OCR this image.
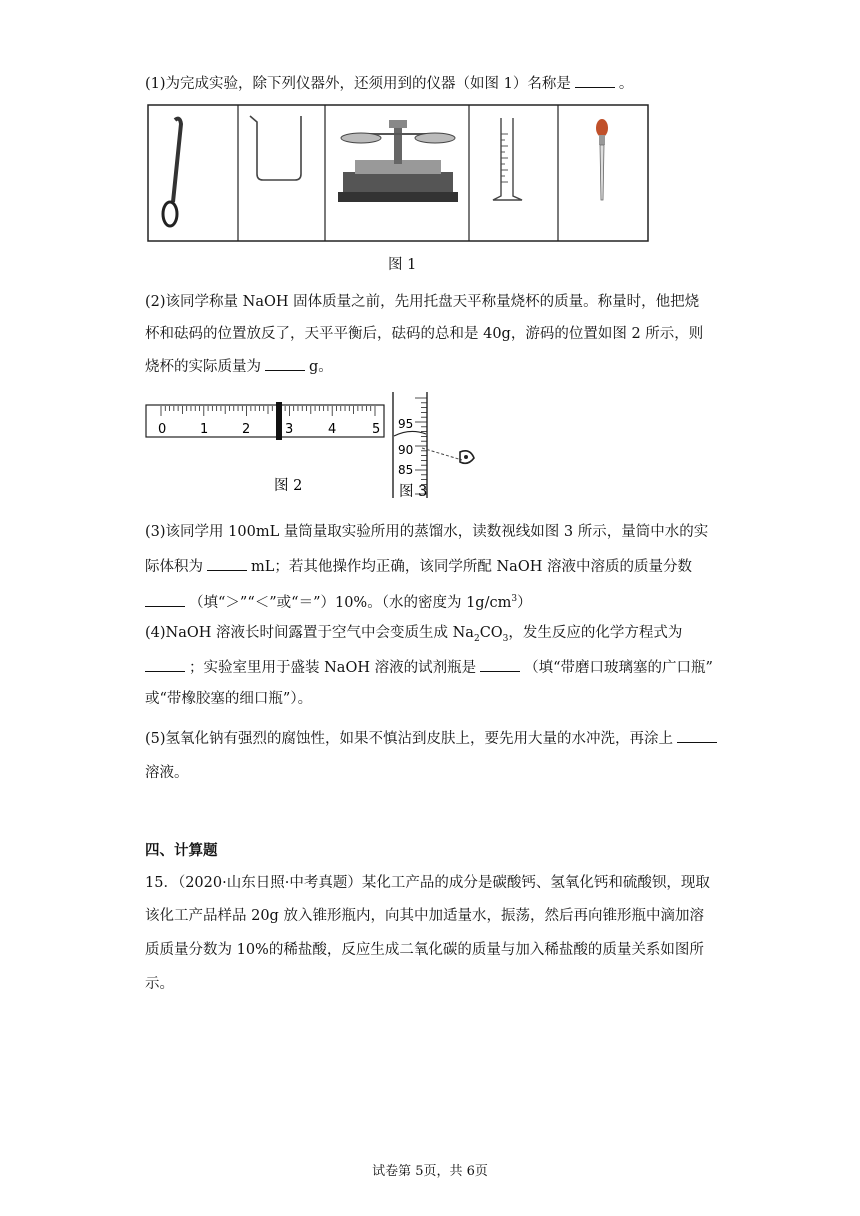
(1)为完成实验，除下列仪器外，还须用到的仪器（如图 1）名称是	。
图 1
(2)该同学称量 NaOH 固体质量之前，先用托盘天平称量烧杯的质量。称量时，他把烧
杯和砝码的位置放反了，天平平衡后，砝码的总和是 40g，游码的位置如图 2 所示，则
烧杯的实际质量为	g。
0	1	2	3	4	5
图 2
95
90
85
图 3
(3)该同学用 100mL 量筒量取实验所用的蒸馏水，读数视线如图 3 所示，量筒中水的实
际体积为	mL；若其他操作均正确，该同学所配 NaOH 溶液中溶质的质量分数
（填“＞”“＜”或“＝”）10%。（水的密度为 $1g/cm^3$）
(4)NaOH 溶液长时间露置于空气中会变质生成 $Na_2CO_3$，发生反应的化学方程式为
；实验室里用于盛装 NaOH 溶液的试剂瓶是	（填“带磨口玻璃塞的广口瓶”
或“带橡胶塞的细口瓶”）。
(5)氢氧化钠有强烈的腐蚀性，如果不慎沾到皮肤上，要先用大量的水冲洗，再涂上
溶液。
四、计算题
15．（2020·山东日照·中考真题）某化工产品的成分是碳酸钙、氢氧化钙和硫酸钡，现取
该化工产品样品 20g 放入锥形瓶内，向其中加适量水，振荡，然后再向锥形瓶中滴加溶
质质量分数为 10%的稀盐酸，反应生成二氧化碳的质量与加入稀盐酸的质量关系如图所
示。
试卷第 5页，共 6页
